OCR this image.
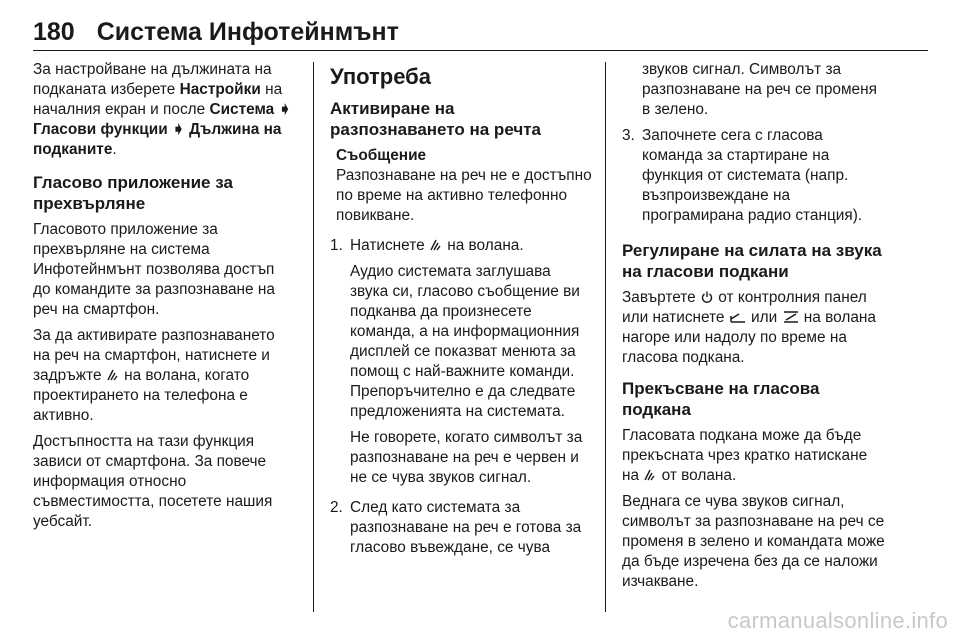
180 Система Инфотейнмънт

За настройване на дължината на подканата изберете Настройки на началния екран и после Система ➧ Гласови функции ➧ Дължина на подканите.

Гласово приложение за прехвърляне

Гласовото приложение за прехвърляне на система Инфотейнмънт позволява достъп до командите за разпознаване на реч на смартфон.

За да активирате разпознаването на реч на смартфон, натиснете и задръжте
на волана, когато проектирането на телефона е активно.

Достъпността на тази функция зависи от смартфона. За повече информация относно съвместимостта, посетете нашия уебсайт.

Употреба
Активиране на разпознаването на речта

Съобщение

Разпознаване на реч не е достъпно по време на активно телефонно повикване.

1. Натиснете
на волана.

Аудио системата заглушава звука си, гласово съобщение ви подканва да произнесете команда, а на информационния дисплей се показват менюта за помощ с най-важните команди. Препоръчително е да следвате предложенията на системата.

Не говорете, когато символът за разпознаване на реч е червен и не се чува звуков сигнал.

2. След като системата за разпознаване на реч е готова за гласово въвеждане, се чува

звуков сигнал. Символът за разпознаване на реч се променя в зелено.

3. Започнете сега с гласова команда за стартиране на функция от системата (напр. възпроизвеждане на програмирана радио станция).

Регулиране на силата на звука на гласови подкани

Завъртете
от контролния панел или натиснете
или
на волана нагоре или надолу по време на гласова подкана.

Прекъсване на гласова подкана

Гласовата подкана може да бъде прекъсната чрез кратко натискане на
от волана.

Веднага се чува звуков сигнал, символът за разпознаване на реч се променя в зелено и командата може да бъде изречена без да се наложи изчакване.

carmanualsonline.info
